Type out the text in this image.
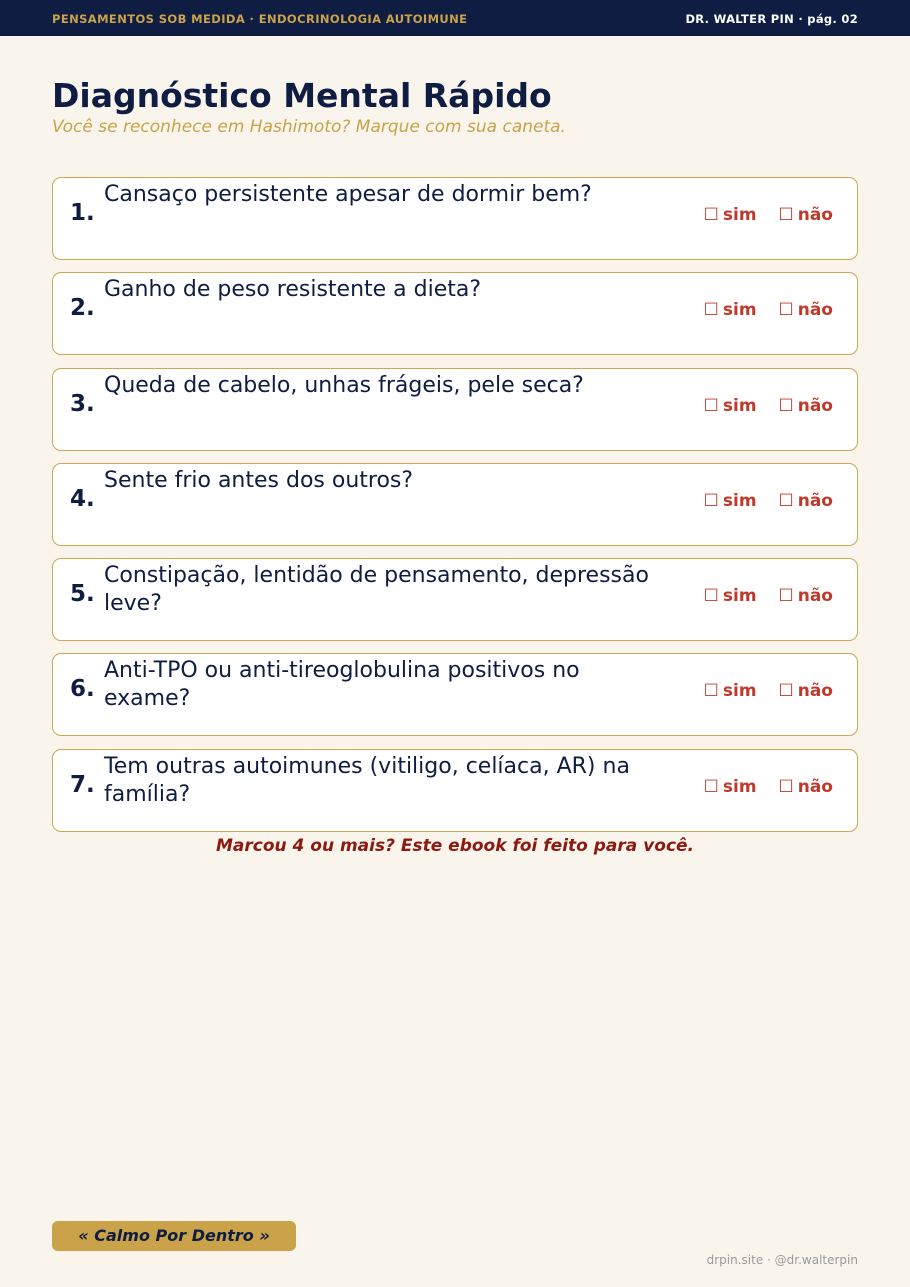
PENSAMENTOS SOB MEDIDA · ENDOCRINOLOGIA AUTOIMUNE	DR. WALTER PIN · pág. 02
Diagnóstico Mental Rápido
Você se reconhece em Hashimoto? Marque com sua caneta.
1.
Cansaço persistente apesar de dormir bem?
☐ sim ☐ não
2.
Ganho de peso resistente a dieta?
☐ sim ☐ não
3.
Queda de cabelo, unhas frágeis, pele seca?
☐ sim ☐ não
4.
Sente frio antes dos outros?
☐ sim ☐ não
5.
Constipação, lentidão de pensamento, depressão leve?	☐ sim ☐ não
6.
Anti-TPO ou anti-tireoglobulina positivos no exame?	☐ sim ☐ não
7.
Tem outras autoimunes (vitiligo, celíaca, AR) na família?	☐ sim ☐ não
Marcou 4 ou mais? Este ebook foi feito para você.
« Calmo Por Dentro »
drpin.site · @dr.walterpin
